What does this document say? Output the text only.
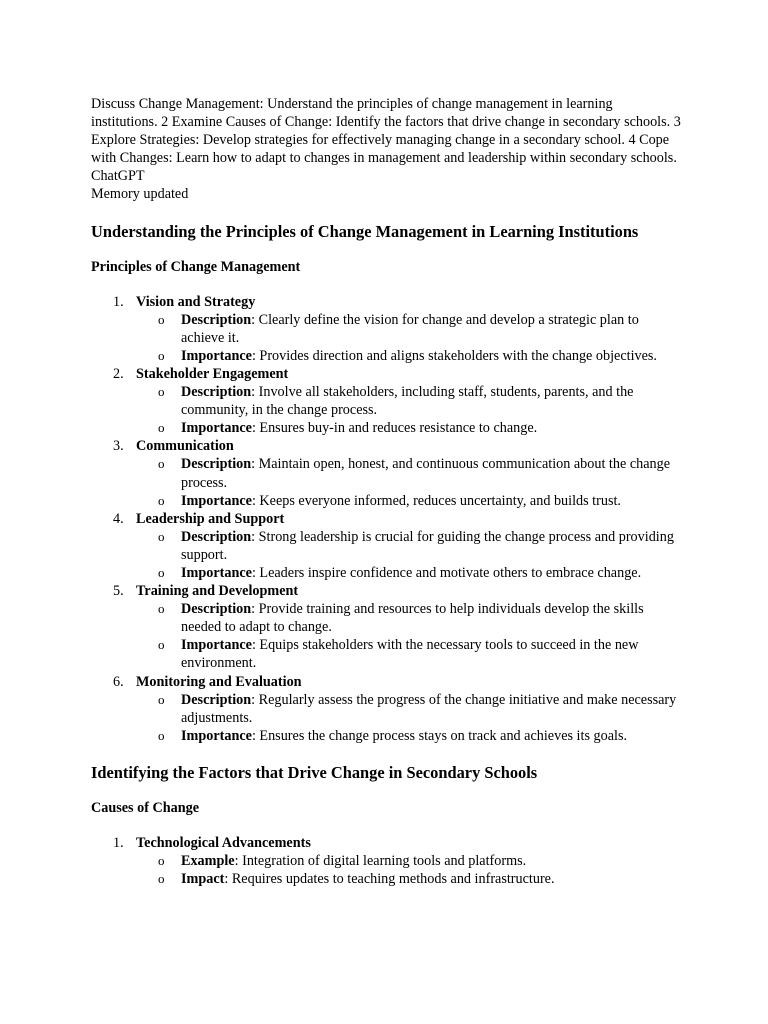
Discuss Change Management: Understand the principles of change management in learning institutions. 2 Examine Causes of Change: Identify the factors that drive change in secondary schools. 3 Explore Strategies: Develop strategies for effectively managing change in a secondary school. 4 Cope with Changes: Learn how to adapt to changes in management and leadership within secondary schools.

ChatGPT

Memory updated

Understanding the Principles of Change Management in Learning Institutions
Principles of Change Management
1. Vision and Strategy
o Description: Clearly define the vision for change and develop a strategic plan to achieve it.
o Importance: Provides direction and aligns stakeholders with the change objectives.
2. Stakeholder Engagement
o Description: Involve all stakeholders, including staff, students, parents, and the community, in the change process.
o Importance: Ensures buy-in and reduces resistance to change.
3. Communication
o Description: Maintain open, honest, and continuous communication about the change process.
o Importance: Keeps everyone informed, reduces uncertainty, and builds trust.
4. Leadership and Support
o Description: Strong leadership is crucial for guiding the change process and providing support.
o Importance: Leaders inspire confidence and motivate others to embrace change.
5. Training and Development
o Description: Provide training and resources to help individuals develop the skills needed to adapt to change.
o Importance: Equips stakeholders with the necessary tools to succeed in the new environment.
6. Monitoring and Evaluation
o Description: Regularly assess the progress of the change initiative and make necessary adjustments.
o Importance: Ensures the change process stays on track and achieves its goals.
Identifying the Factors that Drive Change in Secondary Schools
Causes of Change
1. Technological Advancements
o Example: Integration of digital learning tools and platforms.
o Impact: Requires updates to teaching methods and infrastructure.
